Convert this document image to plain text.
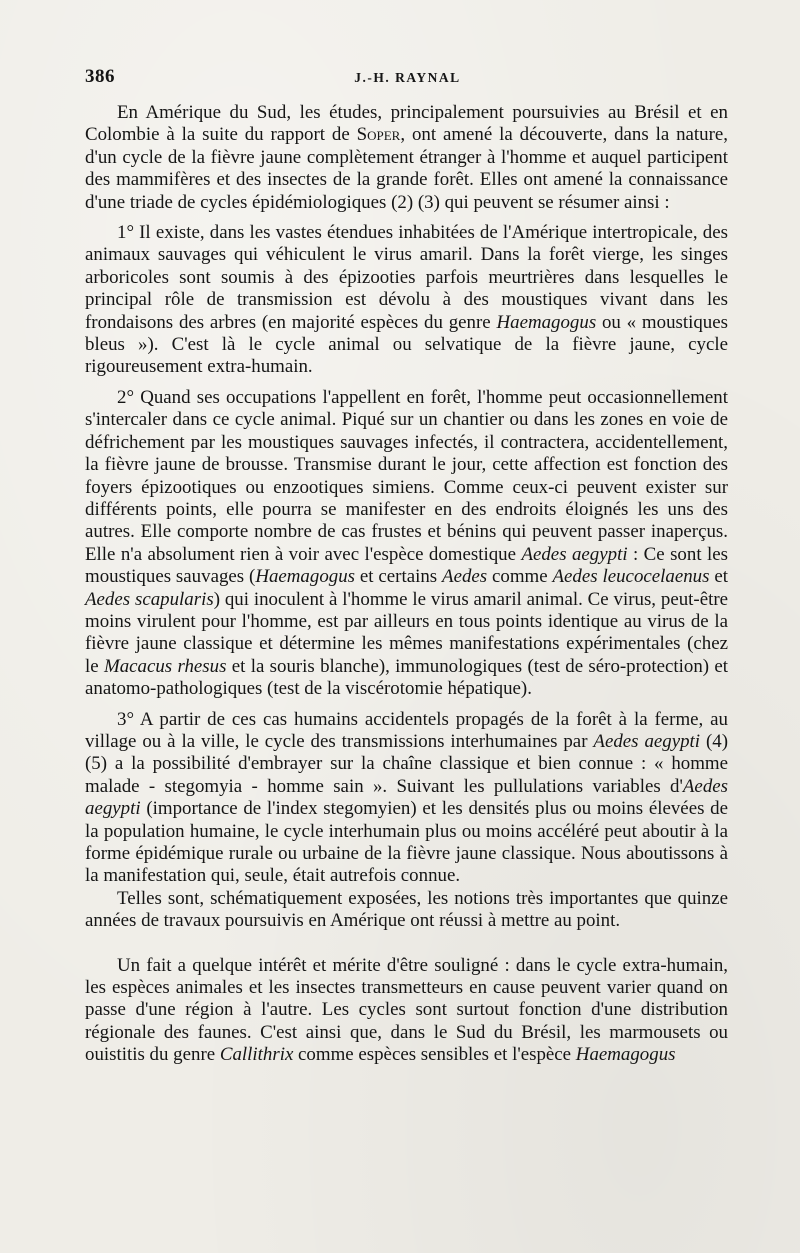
386	J.-H. RAYNAL

En Amérique du Sud, les études, principalement poursuivies au Brésil et en Colombie à la suite du rapport de Soper, ont amené la découverte, dans la nature, d'un cycle de la fièvre jaune complètement étranger à l'homme et auquel participent des mammifères et des insectes de la grande forêt. Elles ont amené la connaissance d'une triade de cycles épidémiologiques (2) (3) qui peuvent se résumer ainsi :

1° Il existe, dans les vastes étendues inhabitées de l'Amérique intertropicale, des animaux sauvages qui véhiculent le virus amaril. Dans la forêt vierge, les singes arboricoles sont soumis à des épizooties parfois meurtrières dans lesquelles le principal rôle de transmission est dévolu à des moustiques vivant dans les frondaisons des arbres (en majorité espèces du genre Haemagogus ou « moustiques bleus »). C'est là le cycle animal ou selvatique de la fièvre jaune, cycle rigoureusement extra-humain.

2° Quand ses occupations l'appellent en forêt, l'homme peut occasionnellement s'intercaler dans ce cycle animal. Piqué sur un chantier ou dans les zones en voie de défrichement par les moustiques sauvages infectés, il contractera, accidentellement, la fièvre jaune de brousse. Transmise durant le jour, cette affection est fonction des foyers épizootiques ou enzootiques simiens. Comme ceux-ci peuvent exister sur différents points, elle pourra se manifester en des endroits éloignés les uns des autres. Elle comporte nombre de cas frustes et bénins qui peuvent passer inaperçus. Elle n'a absolument rien à voir avec l'espèce domestique Aedes aegypti : Ce sont les moustiques sauvages (Haemagogus et certains Aedes comme Aedes leucocelaenus et Aedes scapularis) qui inoculent à l'homme le virus amaril animal. Ce virus, peut-être moins virulent pour l'homme, est par ailleurs en tous points identique au virus de la fièvre jaune classique et détermine les mêmes manifestations expérimentales (chez le Macacus rhesus et la souris blanche), immunologiques (test de séro-protection) et anatomo-pathologiques (test de la viscérotomie hépatique).

3° A partir de ces cas humains accidentels propagés de la forêt à la ferme, au village ou à la ville, le cycle des transmissions interhumaines par Aedes aegypti (4) (5) a la possibilité d'embrayer sur la chaîne classique et bien connue : « homme malade - stegomyia - homme sain ». Suivant les pullulations variables d'Aedes aegypti (importance de l'index stegomyien) et les densités plus ou moins élevées de la population humaine, le cycle interhumain plus ou moins accéléré peut aboutir à la forme épidémique rurale ou urbaine de la fièvre jaune classique. Nous aboutissons à la manifestation qui, seule, était autrefois connue.

Telles sont, schématiquement exposées, les notions très importantes que quinze années de travaux poursuivis en Amérique ont réussi à mettre au point.

Un fait a quelque intérêt et mérite d'être souligné : dans le cycle extra-humain, les espèces animales et les insectes transmetteurs en cause peuvent varier quand on passe d'une région à l'autre. Les cycles sont surtout fonction d'une distribution régionale des faunes. C'est ainsi que, dans le Sud du Brésil, les marmousets ou ouistitis du genre Callithrix comme espèces sensibles et l'espèce Haemagogus
